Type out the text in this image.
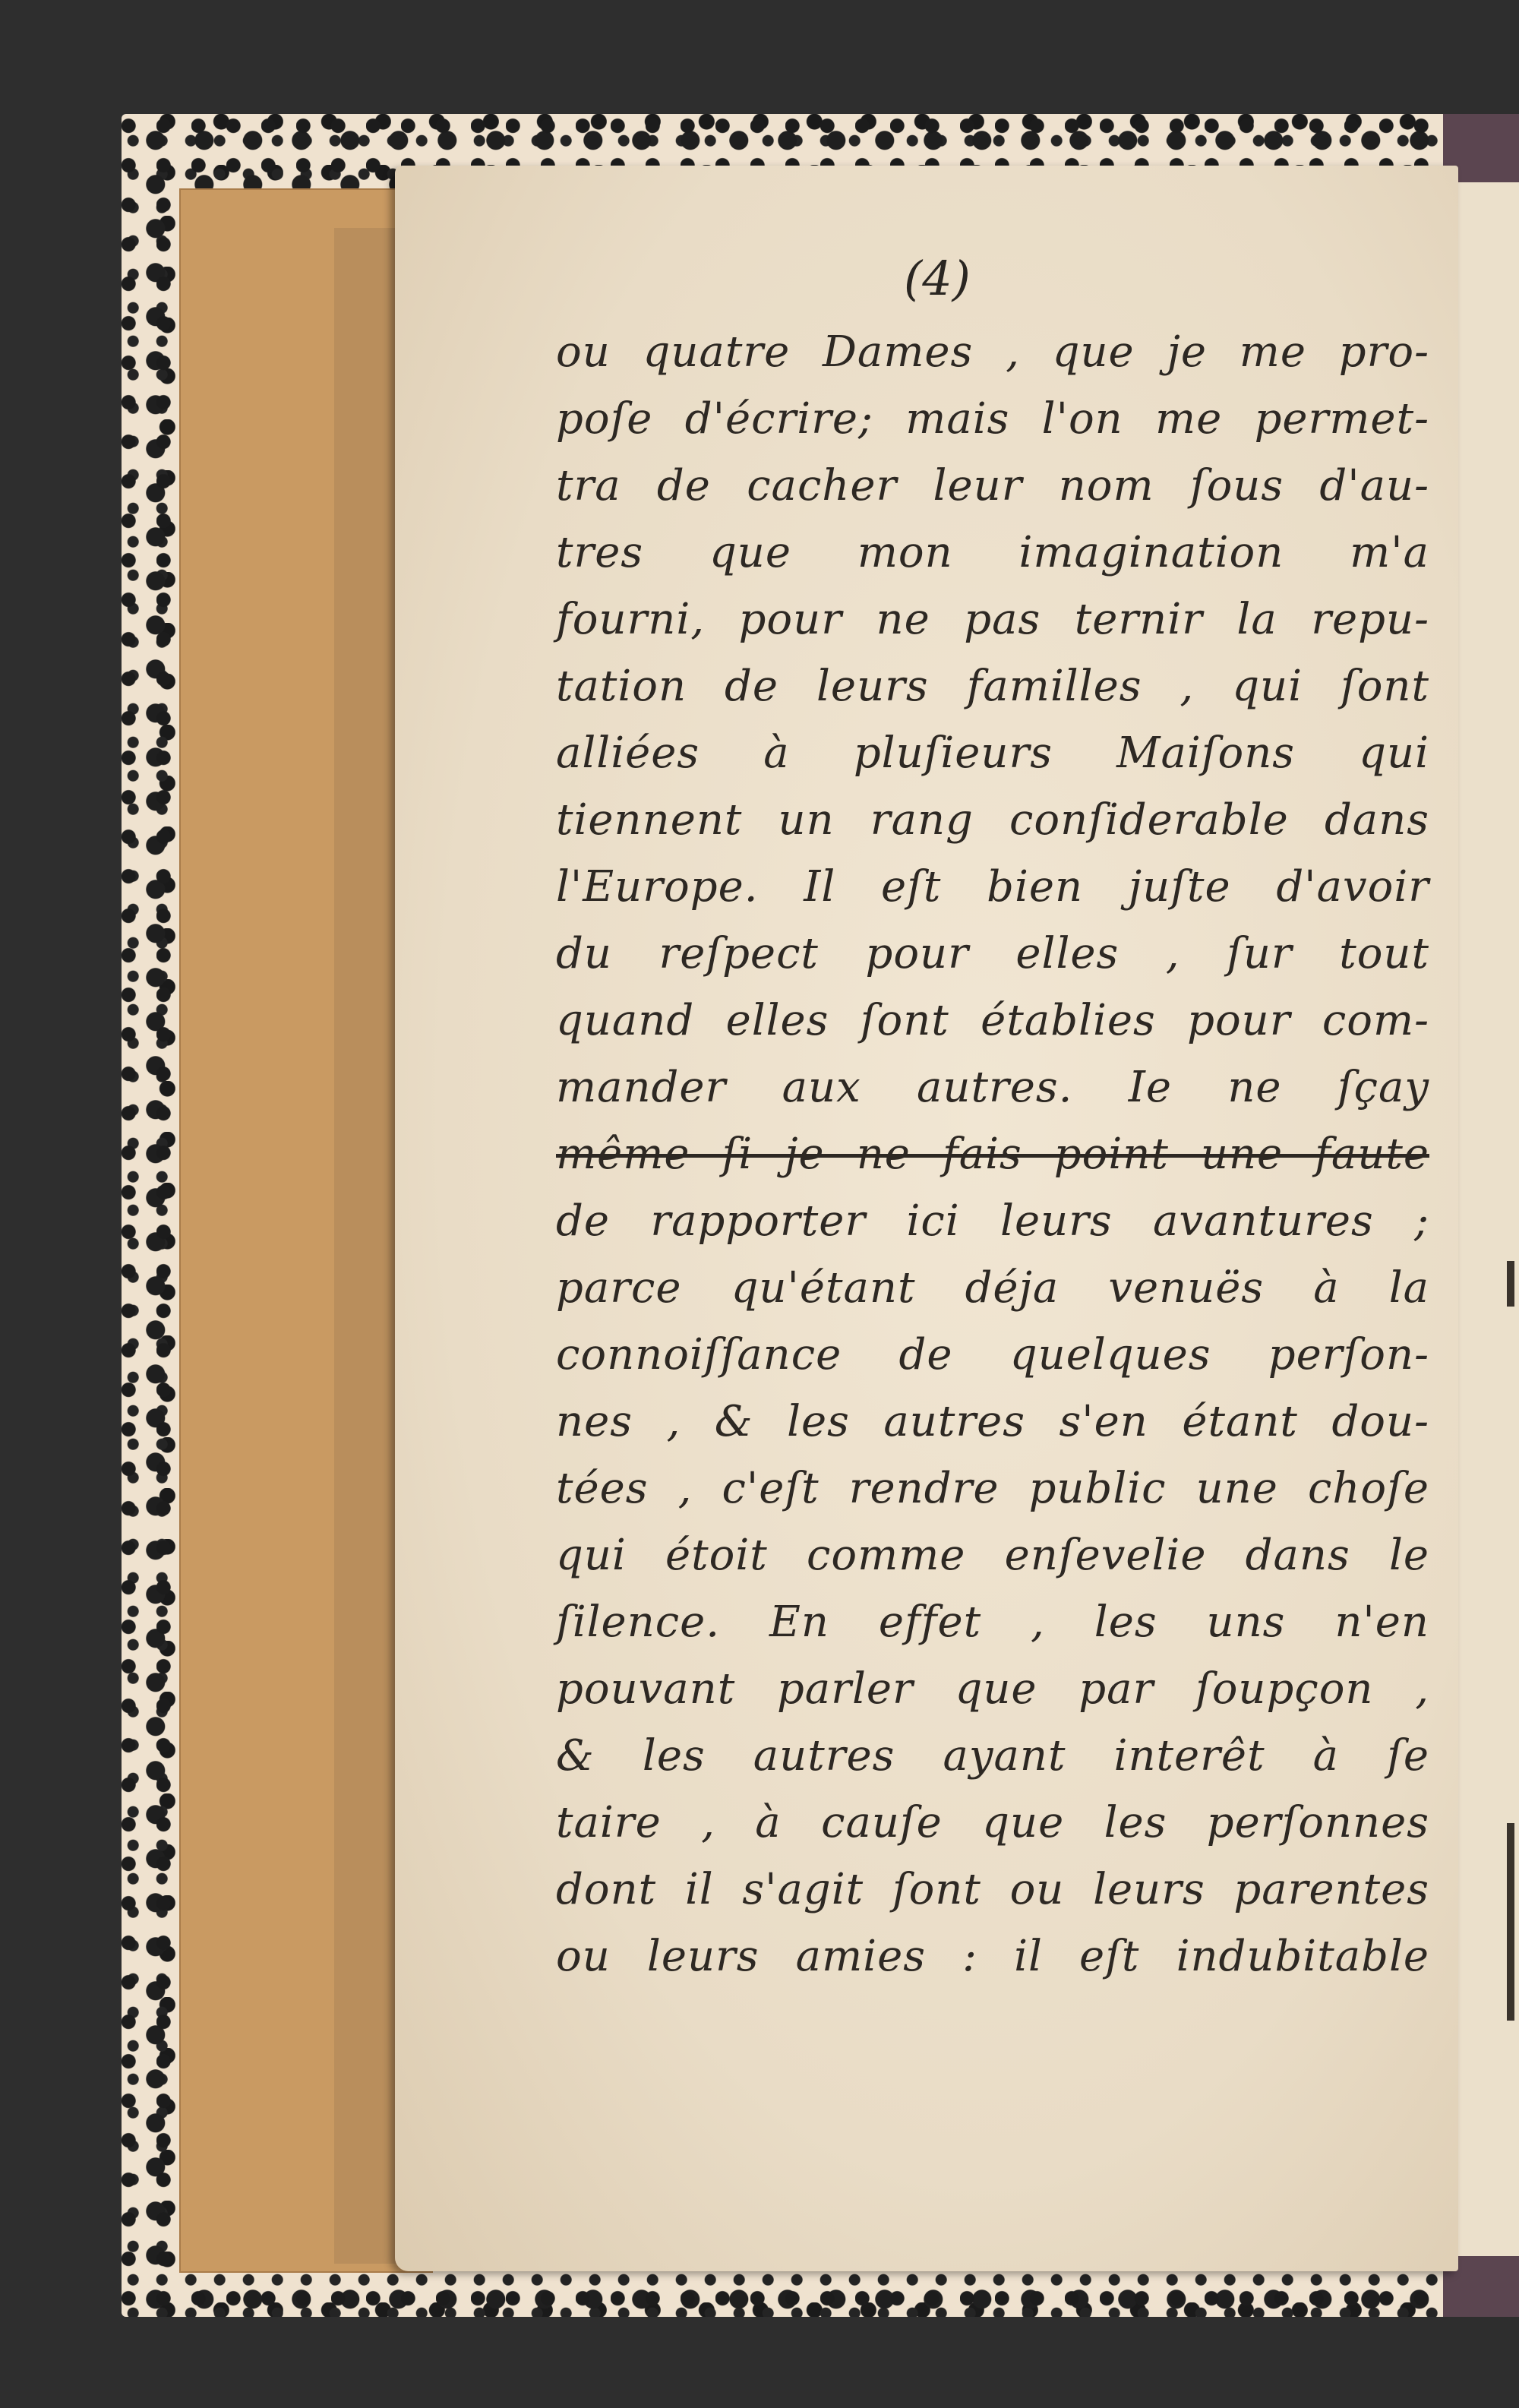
(4)
ou quatre Dames , que je me pro-
poſe d'écrire; mais l'on me permet-
tra de cacher leur nom ſous d'au-
tres que mon imagination m'a
fourni, pour ne pas ternir la repu-
tation de leurs familles , qui ſont
alliées à pluſieurs Maiſons qui
tiennent un rang conſiderable dans
l'Europe. Il eſt bien juſte d'avoir
du reſpect pour elles , ſur tout
quand elles ſont établies pour com-
mander aux autres. Ie ne ſçay
même ſi je ne fais point une faute
de rapporter ici leurs avantures ;
parce qu'étant déja venuës à la
connoiſſance de quelques perſon-
nes , & les autres s'en étant dou-
tées , c'eſt rendre public une choſe
qui étoit comme enſevelie dans le
ſilence. En effet , les uns n'en
pouvant parler que par ſoupçon ,
& les autres ayant interêt à ſe
taire , à cauſe que les perſonnes
dont il s'agit ſont ou leurs parentes
ou leurs amies : il eſt indubitable
